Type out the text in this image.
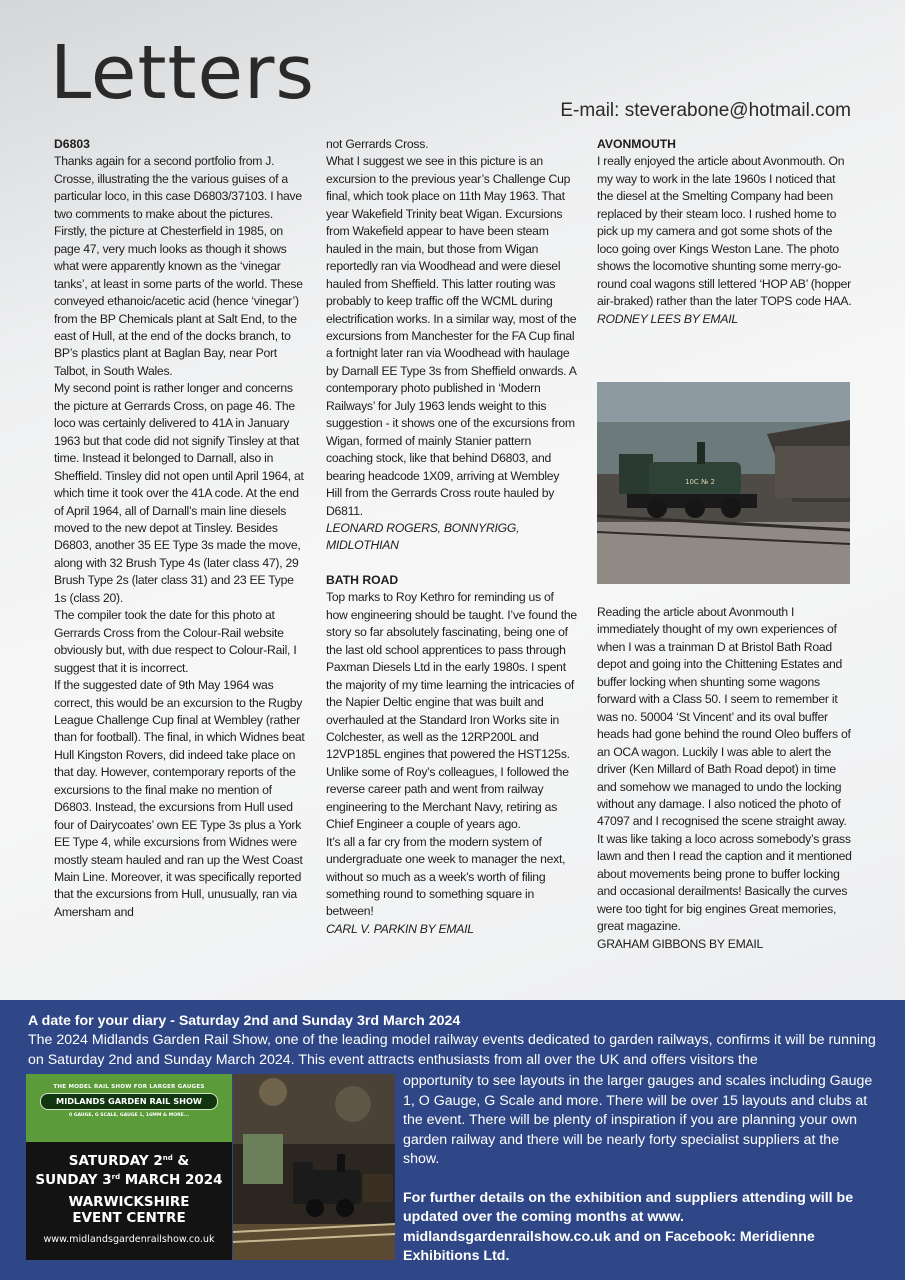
Letters	E-mail: steverabone@hotmail.com

D6803

Thanks again for a second portfolio from J. Crosse, illustrating the the various guises of a particular loco, in this case D6803/37103. I have two comments to make about the pictures.

Firstly, the picture at Chesterfield in 1985, on page 47, very much looks as though it shows what were apparently known as the ‘vinegar tanks’, at least in some parts of the world. These conveyed ethanoic/acetic acid (hence ‘vinegar’) from the BP Chemicals plant at Salt End, to the east of Hull, at the end of the docks branch, to BP’s plastics plant at Baglan Bay, near Port Talbot, in South Wales.

My second point is rather longer and concerns the picture at Gerrards Cross, on page 46. The loco was certainly delivered to 41A in January 1963 but that code did not signify Tinsley at that time. Instead it belonged to Darnall, also in Sheffield. Tinsley did not open until April 1964, at which time it took over the 41A code. At the end of April 1964, all of Darnall’s main line diesels moved to the new depot at Tinsley. Besides D6803, another 35 EE Type 3s made the move, along with 32 Brush Type 4s (later class 47), 29 Brush Type 2s (later class 31) and 23 EE Type 1s (class 20).

The compiler took the date for this photo at Gerrards Cross from the Colour-Rail website obviously but, with due respect to Colour-Rail, I suggest that it is incorrect.

If the suggested date of 9th May 1964 was correct, this would be an excursion to the Rugby League Challenge Cup final at Wembley (rather than for football). The final, in which Widnes beat Hull Kingston Rovers, did indeed take place on that day. However, contemporary reports of the excursions to the final make no mention of D6803. Instead, the excursions from Hull used four of Dairycoates’ own EE Type 3s plus a York EE Type 4, while excursions from Widnes were mostly steam hauled and ran up the West Coast Main Line. Moreover, it was specifically reported that the excursions from Hull, unusually, ran via Amersham and

not Gerrards Cross.

What I suggest we see in this picture is an excursion to the previous year’s Challenge Cup final, which took place on 11th May 1963. That year Wakefield Trinity beat Wigan. Excursions from Wakefield appear to have been steam hauled in the main, but those from Wigan reportedly ran via Woodhead and were diesel hauled from Sheffield. This latter routing was probably to keep traffic off the WCML during electrification works. In a similar way, most of the excursions from Manchester for the FA Cup final a fortnight later ran via Woodhead with haulage by Darnall EE Type 3s from Sheffield onwards. A contemporary photo published in ‘Modern Railways’ for July 1963 lends weight to this suggestion - it shows one of the excursions from Wigan, formed of mainly Stanier pattern coaching stock, like that behind D6803, and bearing headcode 1X09, arriving at Wembley Hill from the Gerrards Cross route hauled by D6811.

LEONARD ROGERS, BONNYRIGG, MIDLOTHIAN

BATH ROAD

Top marks to Roy Kethro for reminding us of how engineering should be taught. I’ve found the story so far absolutely fascinating, being one of the last old school apprentices to pass through Paxman Diesels Ltd in the early 1980s. I spent the majority of my time learning the intricacies of the Napier Deltic engine that was built and overhauled at the Standard Iron Works site in Colchester, as well as the 12RP200L and 12VP185L engines that powered the HST125s. Unlike some of Roy’s colleagues, I followed the reverse career path and went from railway engineering to the Merchant Navy, retiring as Chief Engineer a couple of years ago.

It’s all a far cry from the modern system of undergraduate one week to manager the next, without so much as a week’s worth of filing something round to something square in between!

CARL V. PARKIN BY EMAIL

AVONMOUTH

I really enjoyed the article about Avonmouth. On my way to work in the late 1960s I noticed that the diesel at the Smelting Company had been replaced by their steam loco. I rushed home to pick up my camera and got some shots of the loco going over Kings Weston Lane. The photo shows the locomotive shunting some merry-go-round coal wagons still lettered ‘HOP AB’ (hopper air-braked) rather than the later TOPS code HAA.

RODNEY LEES BY EMAIL

10C № 2

Reading the article about Avonmouth I immediately thought of my own experiences of when I was a trainman D at Bristol Bath Road depot and going into the Chittening Estates and buffer locking when shunting some wagons forward with a Class 50. I seem to remember it was no. 50004 ‘St Vincent’ and its oval buffer heads had gone behind the round Oleo buffers of an OCA wagon. Luckily I was able to alert the driver (Ken Millard of Bath Road depot) in time and somehow we managed to undo the locking without any damage. I also noticed the photo of 47097 and I recognised the scene straight away. It was like taking a loco across somebody’s grass lawn and then I read the caption and it mentioned about movements being prone to buffer locking and occasional derailments! Basically the curves were too tight for big engines Great memories, great magazine.

GRAHAM GIBBONS BY EMAIL

A date for your diary - Saturday 2nd and Sunday 3rd March 2024
The 2024 Midlands Garden Rail Show, one of the leading model railway events dedicated to garden railways, confirms it will be running on Saturday 2nd and Sunday March 2024. This event attracts enthusiasts from all over the UK and offers visitors the
THE MODEL RAIL SHOW FOR LARGER GAUGES
MIDLANDS GARDEN RAIL SHOW
0 GAUGE, G SCALE, GAUGE 1, 16MM & MORE...
SATURDAY 2nd &
SUNDAY 3rd MARCH 2024
WARWICKSHIRE
EVENT CENTRE
www.midlandsgardenrailshow.co.uk

opportunity to see layouts in the larger gauges and scales including Gauge 1, O Gauge, G Scale and more. There will be over 15 layouts and clubs at the event. There will be plenty of inspiration if you are planning your own garden railway and there will be nearly forty specialist suppliers at the show.

For further details on the exhibition and suppliers attending will be updated over the coming months at www. midlandsgardenrailshow.co.uk and on Facebook: Meridienne Exhibitions Ltd.
